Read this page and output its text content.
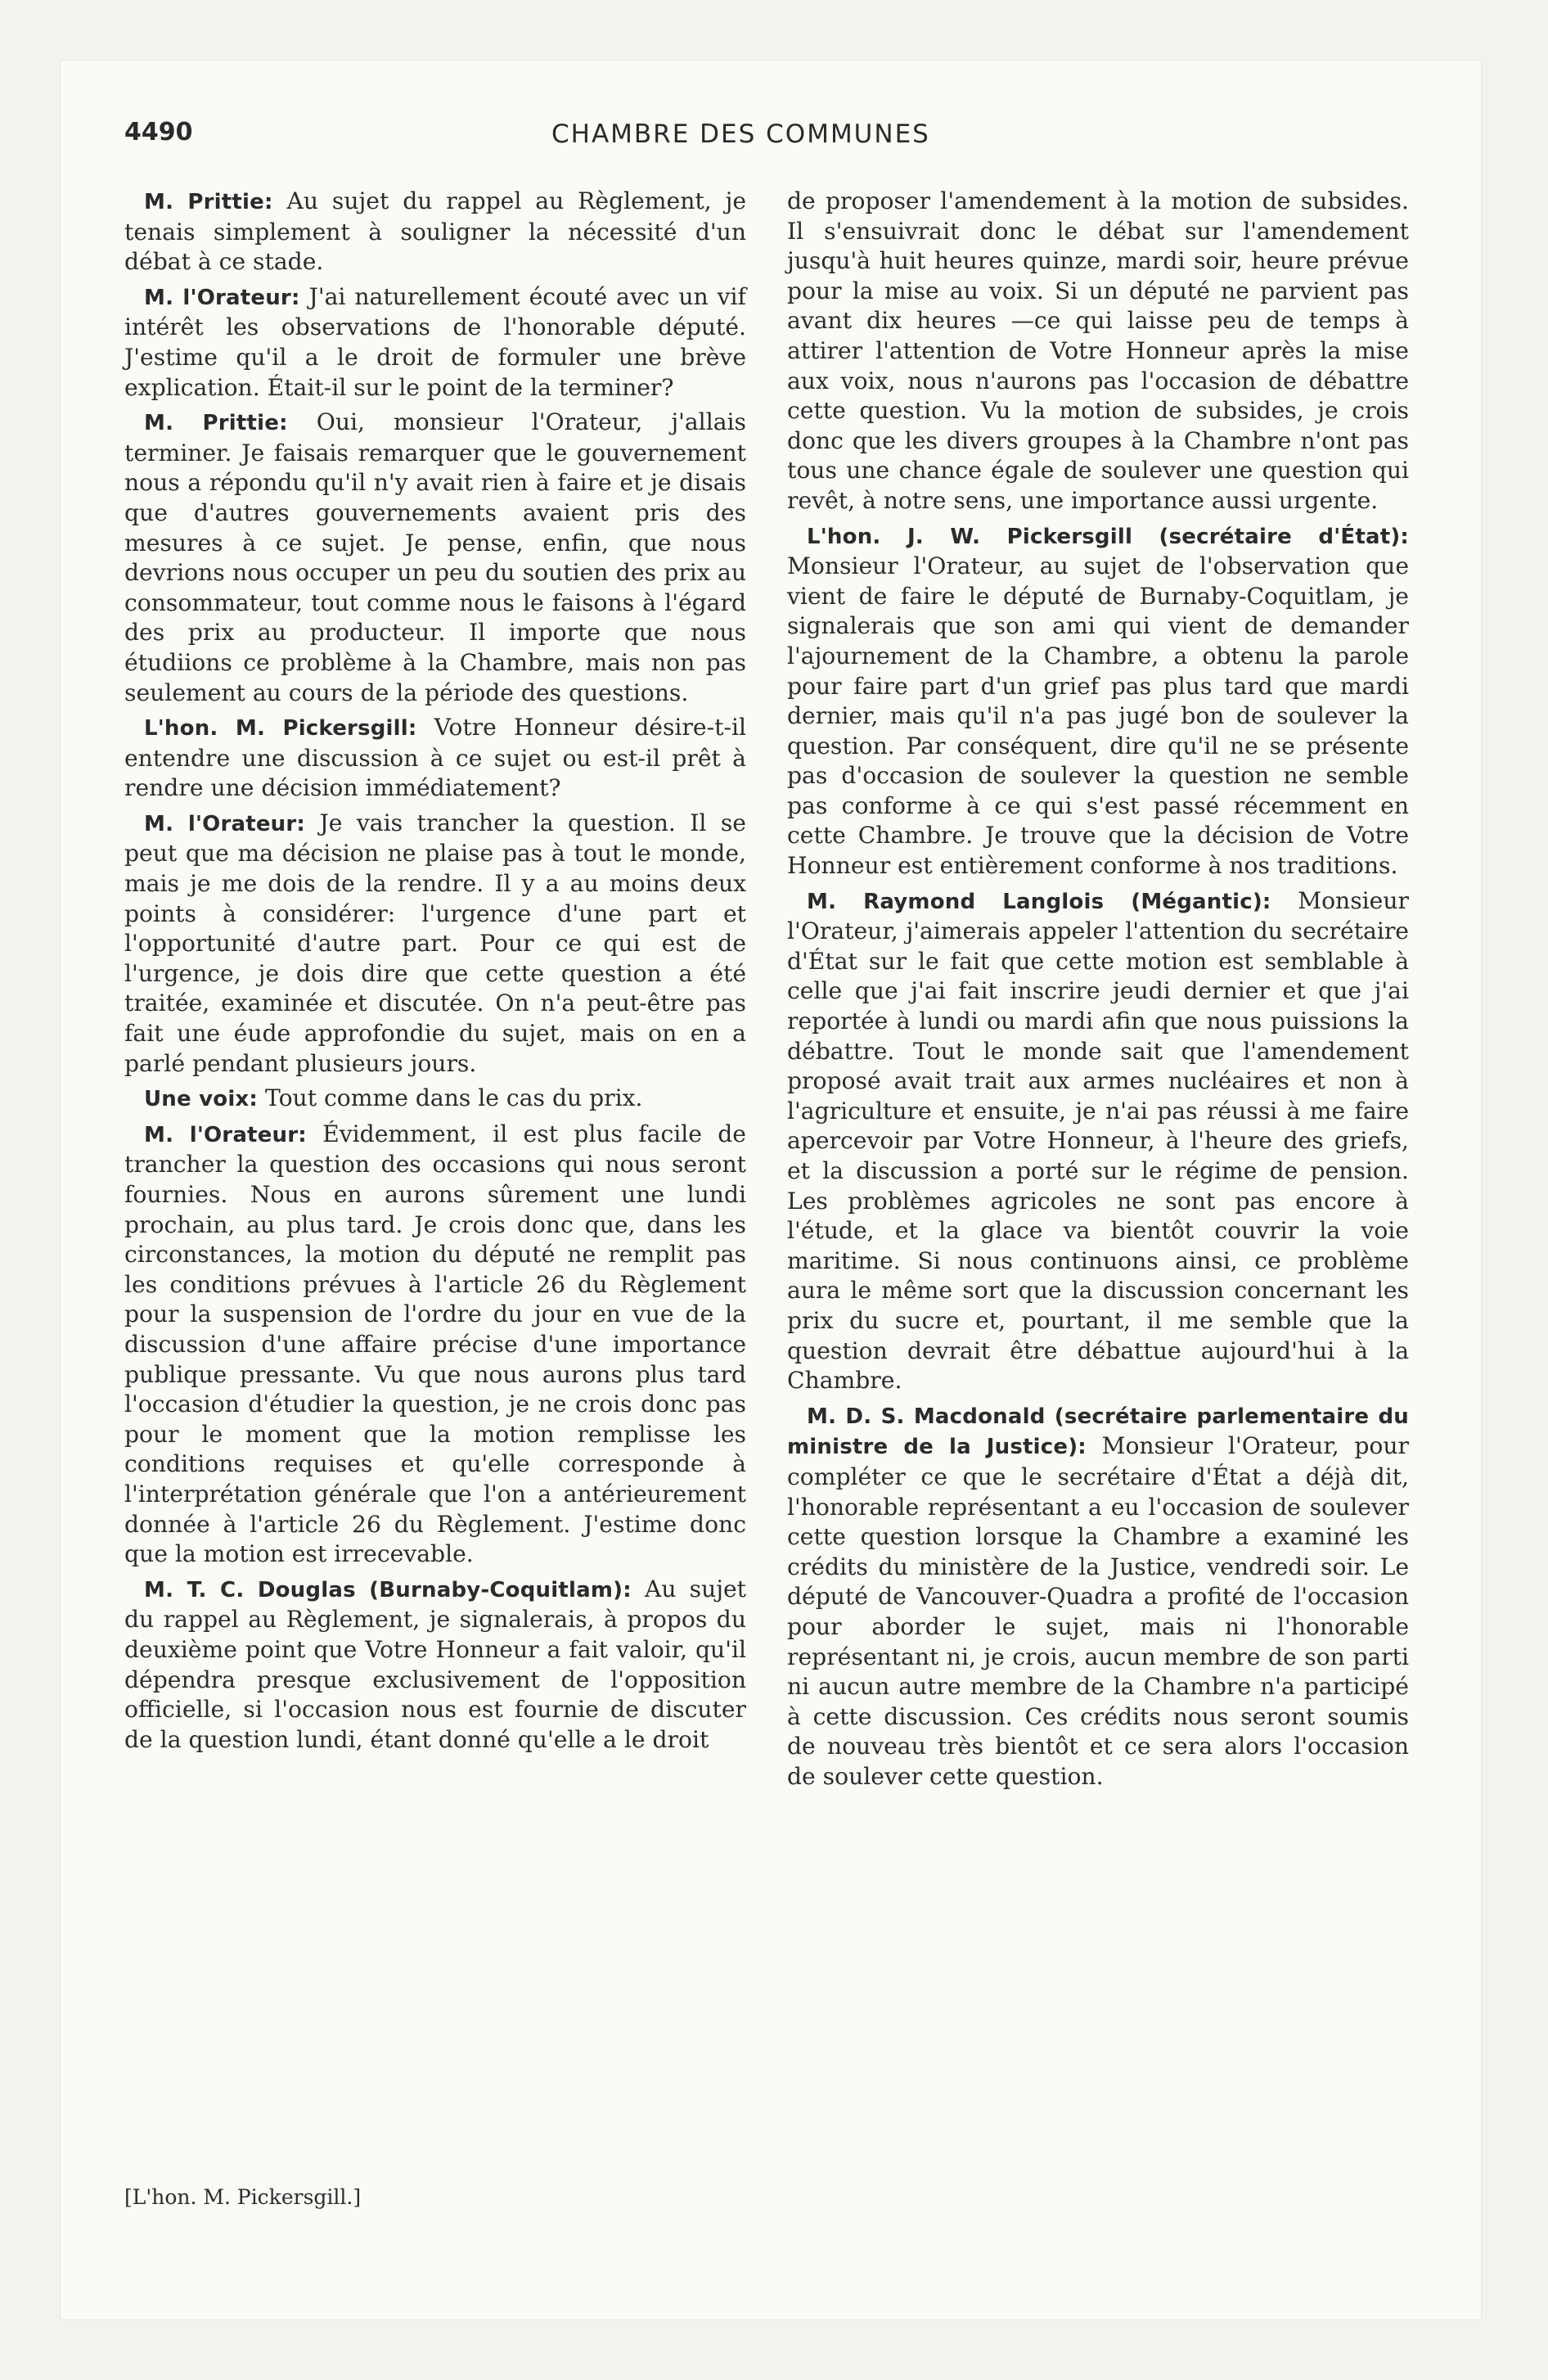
4490	CHAMBRE DES COMMUNES

M. Prittie: Au sujet du rappel au Règlement, je tenais simplement à souligner la nécessité d'un débat à ce stade.

M. l'Orateur: J'ai naturellement écouté avec un vif intérêt les observations de l'honorable député. J'estime qu'il a le droit de formuler une brève explication. Était-il sur le point de la terminer?

M. Prittie: Oui, monsieur l'Orateur, j'allais terminer. Je faisais remarquer que le gouvernement nous a répondu qu'il n'y avait rien à faire et je disais que d'autres gouvernements avaient pris des mesures à ce sujet. Je pense, enfin, que nous devrions nous occuper un peu du soutien des prix au consommateur, tout comme nous le faisons à l'égard des prix au producteur. Il importe que nous étudiions ce problème à la Chambre, mais non pas seulement au cours de la période des questions.

L'hon. M. Pickersgill: Votre Honneur désire-t-il entendre une discussion à ce sujet ou est-il prêt à rendre une décision immédiatement?

M. l'Orateur: Je vais trancher la question. Il se peut que ma décision ne plaise pas à tout le monde, mais je me dois de la rendre. Il y a au moins deux points à considérer: l'urgence d'une part et l'opportunité d'autre part. Pour ce qui est de l'urgence, je dois dire que cette question a été traitée, examinée et discutée. On n'a peut-être pas fait une éude approfondie du sujet, mais on en a parlé pendant plusieurs jours.

Une voix: Tout comme dans le cas du prix.

M. l'Orateur: Évidemment, il est plus facile de trancher la question des occasions qui nous seront fournies. Nous en aurons sûrement une lundi prochain, au plus tard. Je crois donc que, dans les circonstances, la motion du député ne remplit pas les conditions prévues à l'article 26 du Règlement pour la suspension de l'ordre du jour en vue de la discussion d'une affaire précise d'une importance publique pressante. Vu que nous aurons plus tard l'occasion d'étudier la question, je ne crois donc pas pour le moment que la motion remplisse les conditions requises et qu'elle corresponde à l'interprétation générale que l'on a antérieurement donnée à l'article 26 du Règlement. J'estime donc que la motion est irrecevable.

M. T. C. Douglas (Burnaby-Coquitlam): Au sujet du rappel au Règlement, je signalerais, à propos du deuxième point que Votre Honneur a fait valoir, qu'il dépendra presque exclusivement de l'opposition officielle, si l'occasion nous est fournie de discuter de la question lundi, étant donné qu'elle a le droit

de proposer l'amendement à la motion de subsides. Il s'ensuivrait donc le débat sur l'amendement jusqu'à huit heures quinze, mardi soir, heure prévue pour la mise au voix. Si un député ne parvient pas avant dix heures —ce qui laisse peu de temps à attirer l'attention de Votre Honneur après la mise aux voix, nous n'aurons pas l'occasion de débattre cette question. Vu la motion de subsides, je crois donc que les divers groupes à la Chambre n'ont pas tous une chance égale de soulever une question qui revêt, à notre sens, une importance aussi urgente.

L'hon. J. W. Pickersgill (secrétaire d'État): Monsieur l'Orateur, au sujet de l'observation que vient de faire le député de Burnaby-Coquitlam, je signalerais que son ami qui vient de demander l'ajournement de la Chambre, a obtenu la parole pour faire part d'un grief pas plus tard que mardi dernier, mais qu'il n'a pas jugé bon de soulever la question. Par conséquent, dire qu'il ne se présente pas d'occasion de soulever la question ne semble pas conforme à ce qui s'est passé récemment en cette Chambre. Je trouve que la décision de Votre Honneur est entièrement conforme à nos traditions.

M. Raymond Langlois (Mégantic): Monsieur l'Orateur, j'aimerais appeler l'attention du secrétaire d'État sur le fait que cette motion est semblable à celle que j'ai fait inscrire jeudi dernier et que j'ai reportée à lundi ou mardi afin que nous puissions la débattre. Tout le monde sait que l'amendement proposé avait trait aux armes nucléaires et non à l'agriculture et ensuite, je n'ai pas réussi à me faire apercevoir par Votre Honneur, à l'heure des griefs, et la discussion a porté sur le régime de pension. Les problèmes agricoles ne sont pas encore à l'étude, et la glace va bientôt couvrir la voie maritime. Si nous continuons ainsi, ce problème aura le même sort que la discussion concernant les prix du sucre et, pourtant, il me semble que la question devrait être débattue aujourd'hui à la Chambre.

M. D. S. Macdonald (secrétaire parlementaire du ministre de la Justice): Monsieur l'Orateur, pour compléter ce que le secrétaire d'État a déjà dit, l'honorable représentant a eu l'occasion de soulever cette question lorsque la Chambre a examiné les crédits du ministère de la Justice, vendredi soir. Le député de Vancouver-Quadra a profité de l'occasion pour aborder le sujet, mais ni l'honorable représentant ni, je crois, aucun membre de son parti ni aucun autre membre de la Chambre n'a participé à cette discussion. Ces crédits nous seront soumis de nouveau très bientôt et ce sera alors l'occasion de soulever cette question.

[L'hon. M. Pickersgill.]
